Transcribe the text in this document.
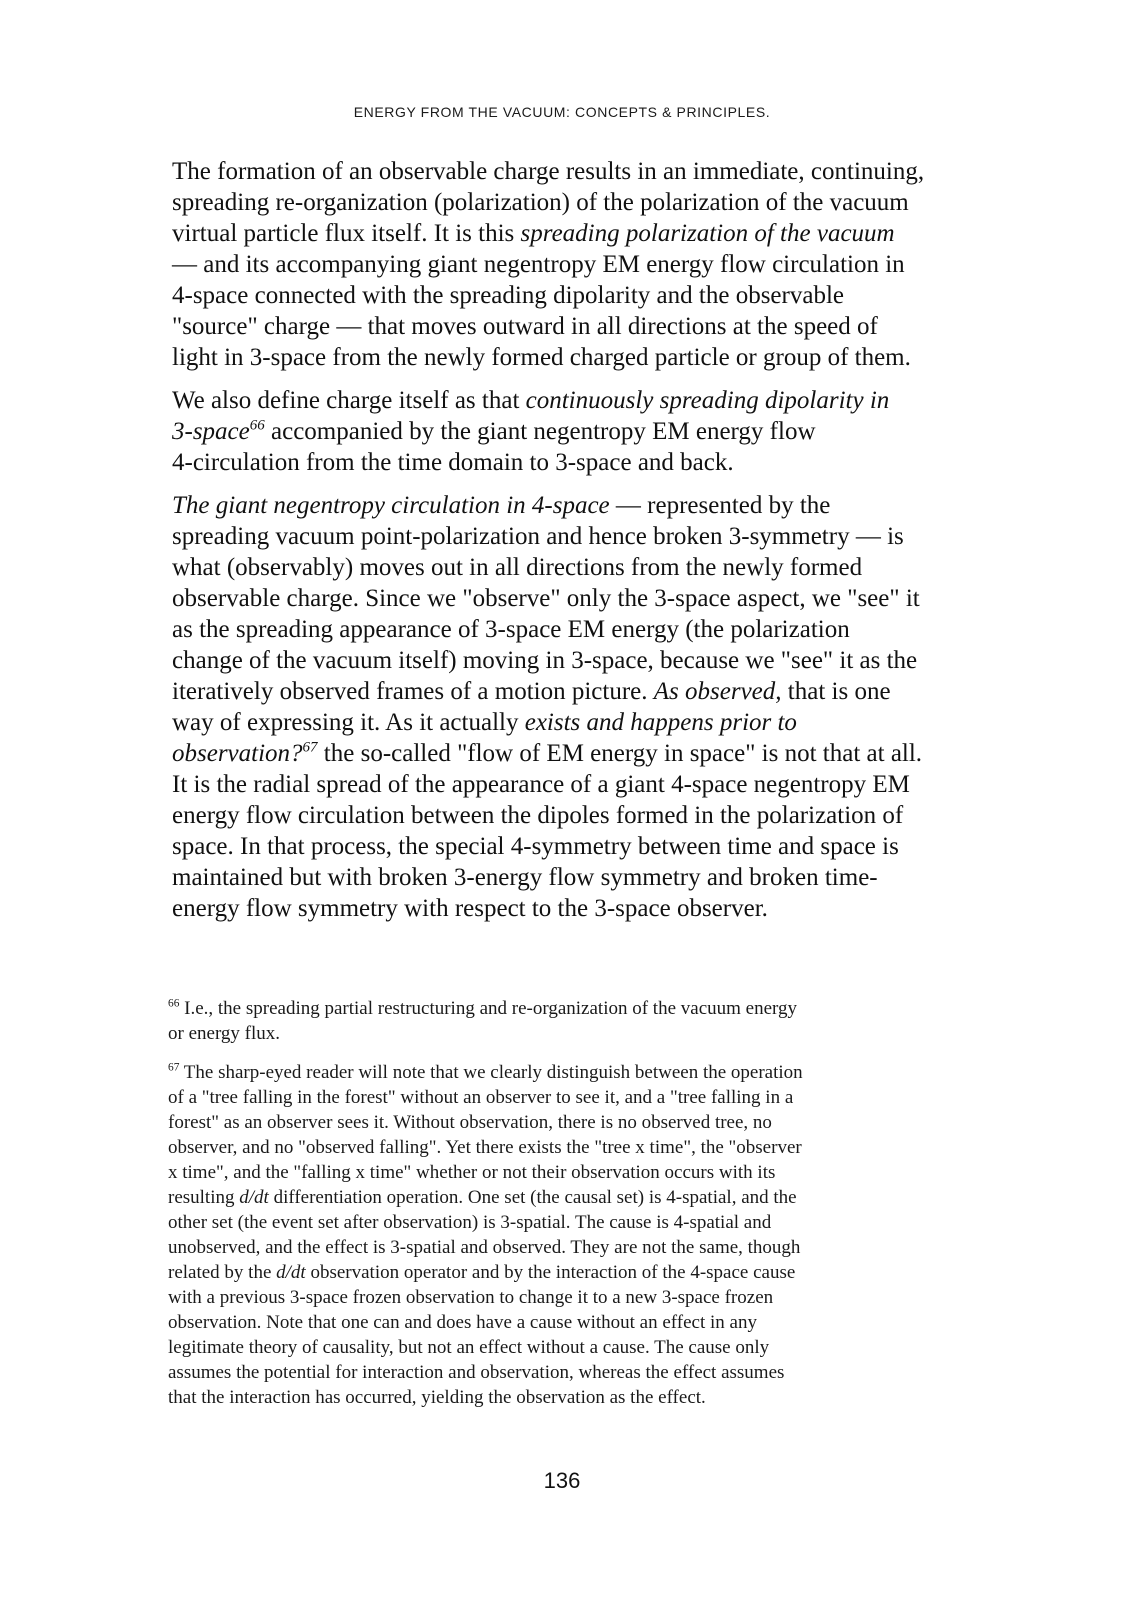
ENERGY FROM THE VACUUM: CONCEPTS & PRINCIPLES.

The formation of an observable charge results in an immediate, continuing,
spreading re-organization (polarization) of the polarization of the vacuum
virtual particle flux itself. It is this spreading polarization of the vacuum
— and its accompanying giant negentropy EM energy flow circulation in
4-space connected with the spreading dipolarity and the observable
"source" charge — that moves outward in all directions at the speed of
light in 3-space from the newly formed charged particle or group of them.

We also define charge itself as that continuously spreading dipolarity in
3-space$^{66}$ accompanied by the giant negentropy EM energy flow
4-circulation from the time domain to 3-space and back.

The giant negentropy circulation in 4-space — represented by the
spreading vacuum point-polarization and hence broken 3-symmetry — is
what (observably) moves out in all directions from the newly formed
observable charge. Since we "observe" only the 3-space aspect, we "see" it
as the spreading appearance of 3-space EM energy (the polarization
change of the vacuum itself) moving in 3-space, because we "see" it as the
iteratively observed frames of a motion picture. As observed, that is one
way of expressing it. As it actually exists and happens prior to
observation?$^{67}$ the so-called "flow of EM energy in space" is not that at all.
It is the radial spread of the appearance of a giant 4-space negentropy EM
energy flow circulation between the dipoles formed in the polarization of
space. In that process, the special 4-symmetry between time and space is
maintained but with broken 3-energy flow symmetry and broken time-
energy flow symmetry with respect to the 3-space observer.

$^{66}$ I.e., the spreading partial restructuring and re-organization of the vacuum energy
or energy flux.

$^{67}$ The sharp-eyed reader will note that we clearly distinguish between the operation
of a "tree falling in the forest" without an observer to see it, and a "tree falling in a
forest" as an observer sees it. Without observation, there is no observed tree, no
observer, and no "observed falling". Yet there exists the "tree x time", the "observer
x time", and the "falling x time" whether or not their observation occurs with its
resulting d/dt differentiation operation. One set (the causal set) is 4-spatial, and the
other set (the event set after observation) is 3-spatial. The cause is 4-spatial and
unobserved, and the effect is 3-spatial and observed. They are not the same, though
related by the d/dt observation operator and by the interaction of the 4-space cause
with a previous 3-space frozen observation to change it to a new 3-space frozen
observation. Note that one can and does have a cause without an effect in any
legitimate theory of causality, but not an effect without a cause. The cause only
assumes the potential for interaction and observation, whereas the effect assumes
that the interaction has occurred, yielding the observation as the effect.

136
